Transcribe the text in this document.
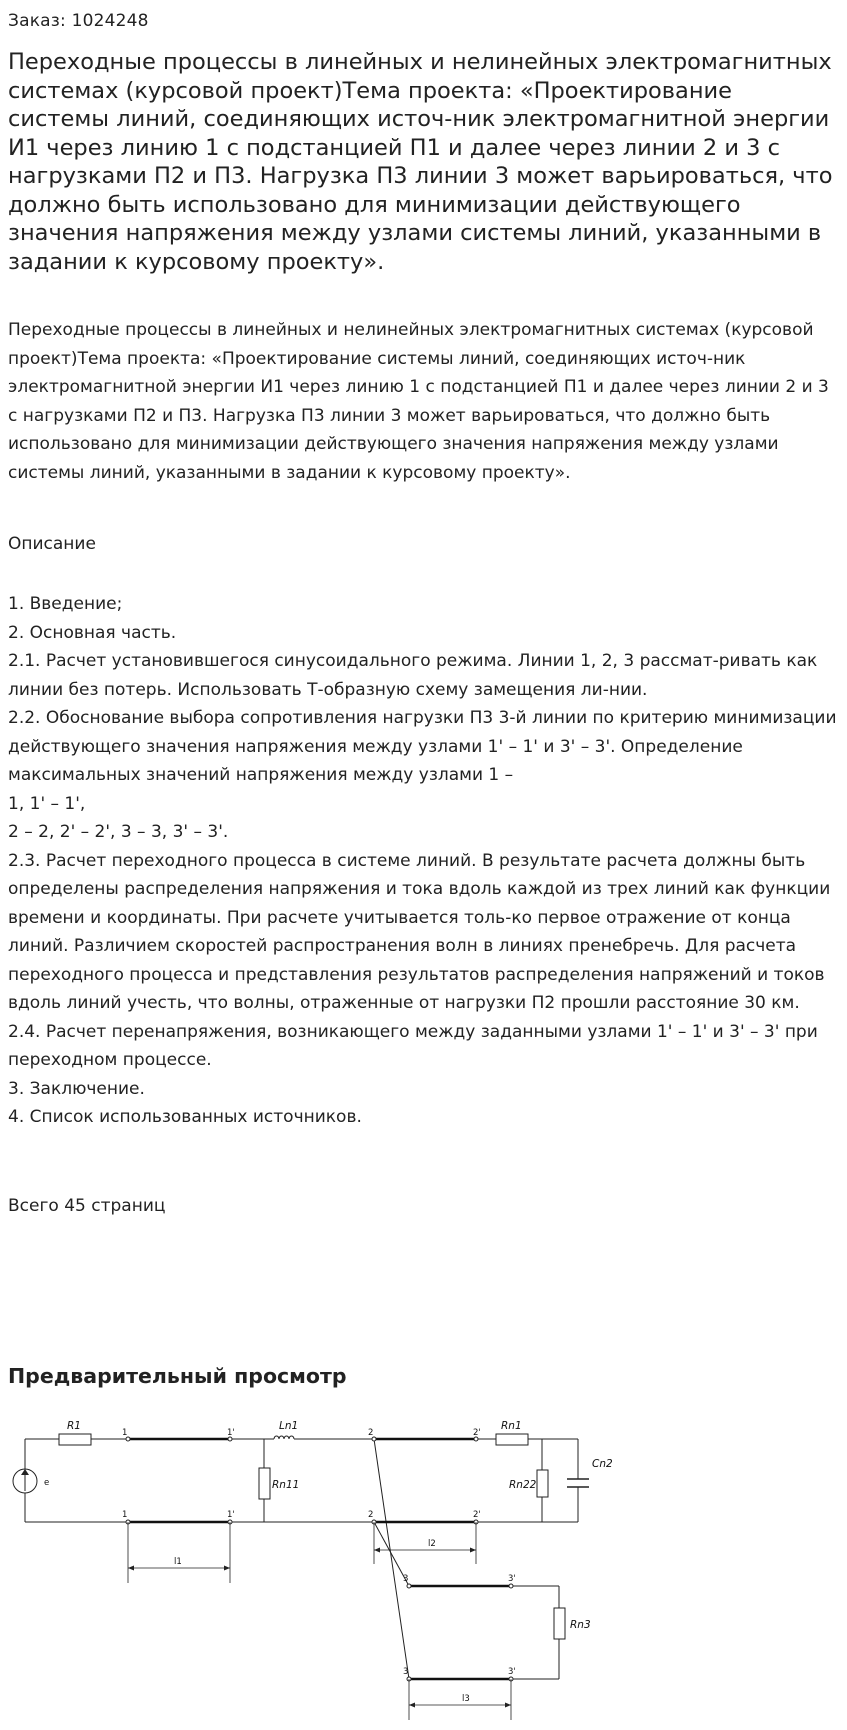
Заказ: 1024248
Переходные процессы в линейных и нелинейных электромагнитных системах (курсовой проект)Тема проекта: «Проектирование системы линий, соединяющих источ-ник электромагнитной энергии И1 через линию 1 с подстанцией П1 и далее через линии 2 и 3 с нагрузками П2 и П3. Нагрузка П3 линии 3 может варьироваться, что должно быть использовано для минимизации действующего значения напряжения между узлами системы линий, указанными в задании к курсовому проекту».

Переходные процессы в линейных и нелинейных электромагнитных системах (курсовой проект)Тема проекта: «Проектирование системы линий, соединяющих источ-ник электромагнитной энергии И1 через линию 1 с подстанцией П1 и далее через линии 2 и 3 с нагрузками П2 и П3. Нагрузка П3 линии 3 может варьироваться, что должно быть использовано для минимизации действующего значения напряжения между узлами системы линий, указанными в задании к курсовому проекту».

Описание

1. Введение;
2. Основная часть.
2.1. Расчет установившегося синусоидального режима. Линии 1, 2, 3 рассмат-ривать как линии без потерь. Использовать Т-образную схему замещения ли-нии.
2.2. Обоснование выбора сопротивления нагрузки П3 3-й линии по критерию минимизации действующего значения напряжения между узлами 1' – 1' и 3' – 3'. Определение максимальных значений напряжения между узлами 1 –
1, 1' – 1',
2 – 2, 2' – 2', 3 – 3, 3' – 3'.
2.3. Расчет переходного процесса в системе линий. В результате расчета должны быть определены распределения напряжения и тока вдоль каждой из трех линий как функции времени и координаты. При расчете учитывается толь-ко первое отражение от конца линий. Различием скоростей распространения волн в линиях пренебречь. Для расчета переходного процесса и представления результатов распределения напряжений и токов вдоль линий учесть, что волны, отраженные от нагрузки П2 прошли расстояние 30 км.
2.4. Расчет перенапряжения, возникающего между заданными узлами 1' – 1' и 3' – 3' при переходном процессе.
3. Заключение.
4. Список использованных источников.

Всего 45 страниц

Предварительный просмотр
R1	Ln1
Rn11
Rn1
Rn22
Cn2
Rn3
e
1	1'
1	1'
2	2'
2	2'
3	3'
3	3'
l1
l2
l3
